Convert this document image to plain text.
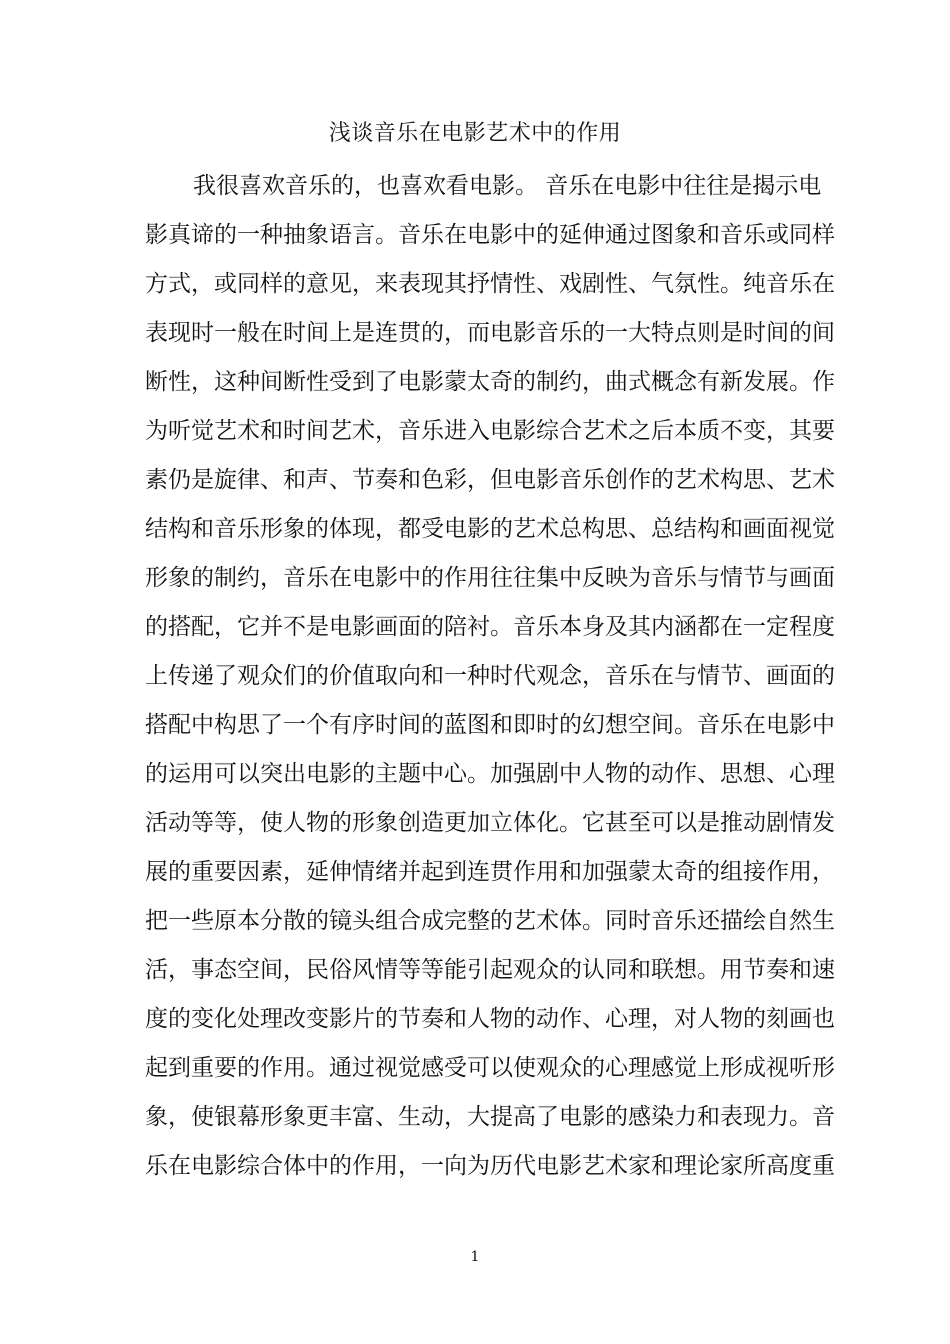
浅谈音乐在电影艺术中的作用
我很喜欢音乐的，也喜欢看电影。 音乐在电影中往往是揭示电
影真谛的一种抽象语言。音乐在电影中的延伸通过图象和音乐或同样
方式，或同样的意见，来表现其抒情性、戏剧性、气氛性。纯音乐在
表现时一般在时间上是连贯的，而电影音乐的一大特点则是时间的间
断性，这种间断性受到了电影蒙太奇的制约，曲式概念有新发展。作
为听觉艺术和时间艺术，音乐进入电影综合艺术之后本质不变，其要
素仍是旋律、和声、节奏和色彩，但电影音乐创作的艺术构思、艺术
结构和音乐形象的体现，都受电影的艺术总构思、总结构和画面视觉
形象的制约，音乐在电影中的作用往往集中反映为音乐与情节与画面
的搭配，它并不是电影画面的陪衬。音乐本身及其内涵都在一定程度
上传递了观众们的价值取向和一种时代观念，音乐在与情节、画面的
搭配中构思了一个有序时间的蓝图和即时的幻想空间。音乐在电影中
的运用可以突出电影的主题中心。加强剧中人物的动作、思想、心理
活动等等，使人物的形象创造更加立体化。它甚至可以是推动剧情发
展的重要因素，延伸情绪并起到连贯作用和加强蒙太奇的组接作用，
把一些原本分散的镜头组合成完整的艺术体。同时音乐还描绘自然生
活，事态空间，民俗风情等等能引起观众的认同和联想。用节奏和速
度的变化处理改变影片的节奏和人物的动作、心理，对人物的刻画也
起到重要的作用。通过视觉感受可以使观众的心理感觉上形成视听形
象，使银幕形象更丰富、生动，大提高了电影的感染力和表现力。音
乐在电影综合体中的作用，一向为历代电影艺术家和理论家所高度重
1
